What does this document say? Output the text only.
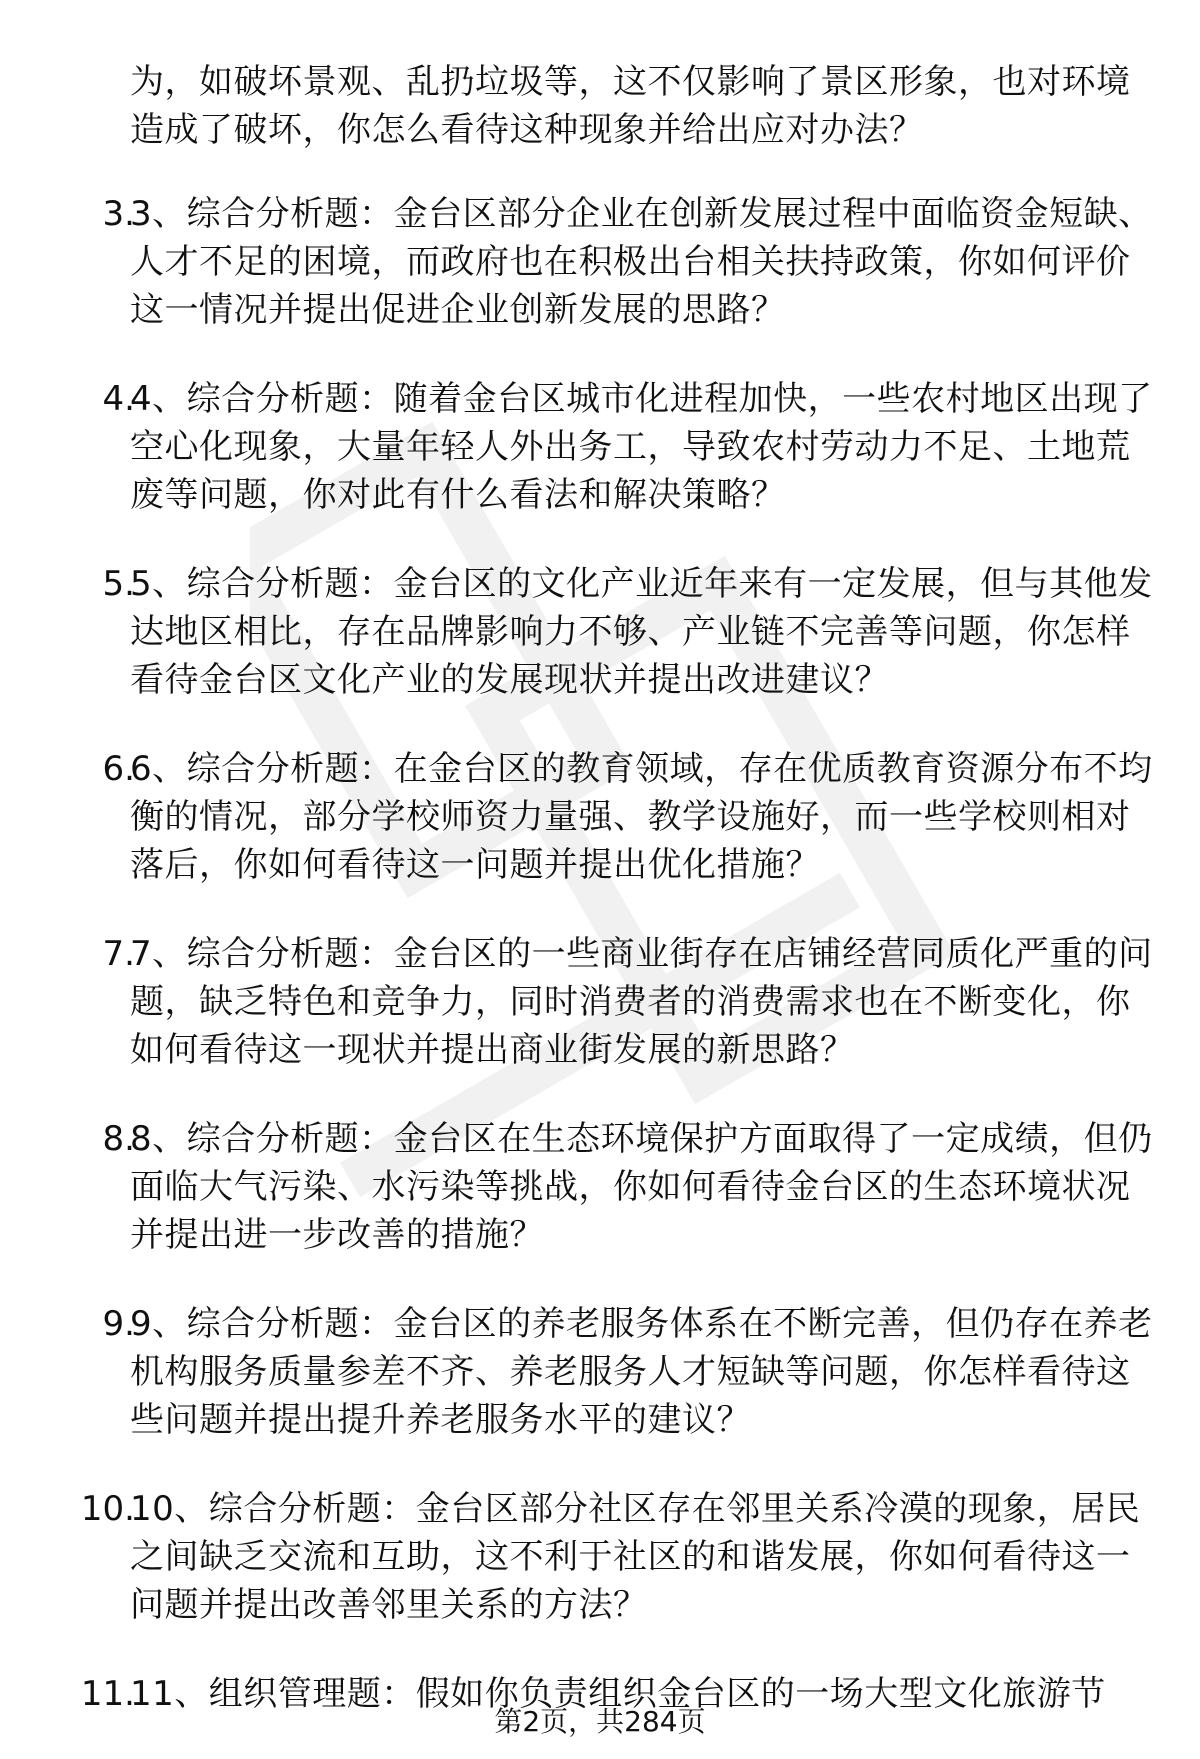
为，如破坏景观、乱扔垃圾等，这不仅影响了景区形象，也对环境造成了破坏，你怎么看待这种现象并给出应对办法？
3.
3、综合分析题：金台区部分企业在创新发展过程中面临资金短缺、人才不足的困境，而政府也在积极出台相关扶持政策，你如何评价这一情况并提出促进企业创新发展的思路？
4.
4、综合分析题：随着金台区城市化进程加快，一些农村地区出现了空心化现象，大量年轻人外出务工，导致农村劳动力不足、土地荒废等问题，你对此有什么看法和解决策略？
5.
5、综合分析题：金台区的文化产业近年来有一定发展，但与其他发达地区相比，存在品牌影响力不够、产业链不完善等问题，你怎样看待金台区文化产业的发展现状并提出改进建议？
6.
6、综合分析题：在金台区的教育领域，存在优质教育资源分布不均衡的情况，部分学校师资力量强、教学设施好，而一些学校则相对落后，你如何看待这一问题并提出优化措施？
7.
7、综合分析题：金台区的一些商业街存在店铺经营同质化严重的问题，缺乏特色和竞争力，同时消费者的消费需求也在不断变化，你如何看待这一现状并提出商业街发展的新思路？
8.
8、综合分析题：金台区在生态环境保护方面取得了一定成绩，但仍面临大气污染、水污染等挑战，你如何看待金台区的生态环境状况并提出进一步改善的措施？
9.
9、综合分析题：金台区的养老服务体系在不断完善，但仍存在养老机构服务质量参差不齐、养老服务人才短缺等问题，你怎样看待这些问题并提出提升养老服务水平的建议？
10.
10、综合分析题：金台区部分社区存在邻里关系冷漠的现象，居民之间缺乏交流和互助，这不利于社区的和谐发展，你如何看待这一问题并提出改善邻里关系的方法？
11.
11、组织管理题：假如你负责组织金台区的一场大型文化旅游节
第2页，共284页
